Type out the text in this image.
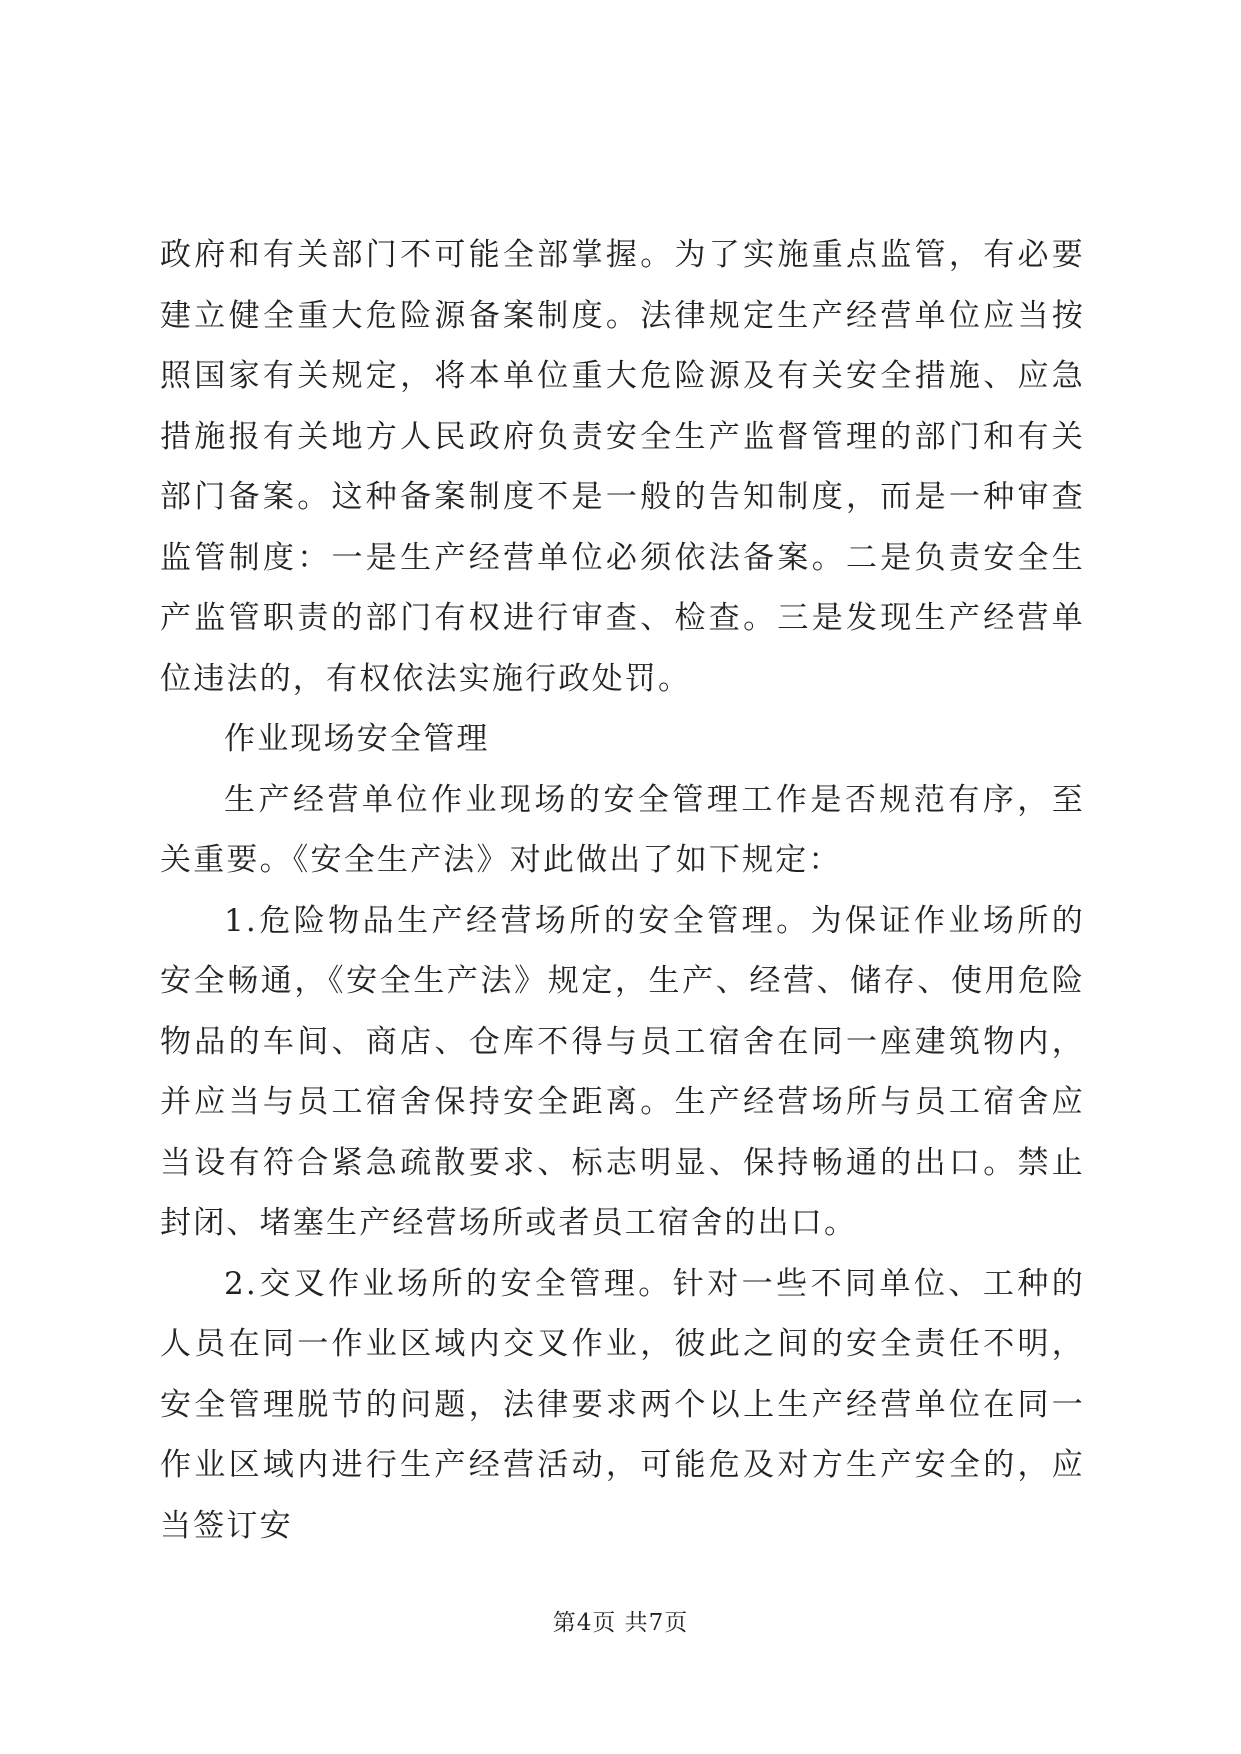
政府和有关部门不可能全部掌握。为了实施重点监管，有必要建立健全重大危险源备案制度。法律规定生产经营单位应当按照国家有关规定，将本单位重大危险源及有关安全措施、应急措施报有关地方人民政府负责安全生产监督管理的部门和有关部门备案。这种备案制度不是一般的告知制度，而是一种审查监管制度：一是生产经营单位必须依法备案。二是负责安全生产监管职责的部门有权进行审查、检查。三是发现生产经营单位违法的，有权依法实施行政处罚。

作业现场安全管理

生产经营单位作业现场的安全管理工作是否规范有序，至关重要。《安全生产法》对此做出了如下规定：

1.危险物品生产经营场所的安全管理。为保证作业场所的安全畅通，《安全生产法》规定，生产、经营、储存、使用危险物品的车间、商店、仓库不得与员工宿舍在同一座建筑物内，并应当与员工宿舍保持安全距离。生产经营场所与员工宿舍应当设有符合紧急疏散要求、标志明显、保持畅通的出口。禁止封闭、堵塞生产经营场所或者员工宿舍的出口。

2.交叉作业场所的安全管理。针对一些不同单位、工种的人员在同一作业区域内交叉作业，彼此之间的安全责任不明，安全管理脱节的问题，法律要求两个以上生产经营单位在同一作业区域内进行生产经营活动，可能危及对方生产安全的，应当签订安

第4页 共7页
